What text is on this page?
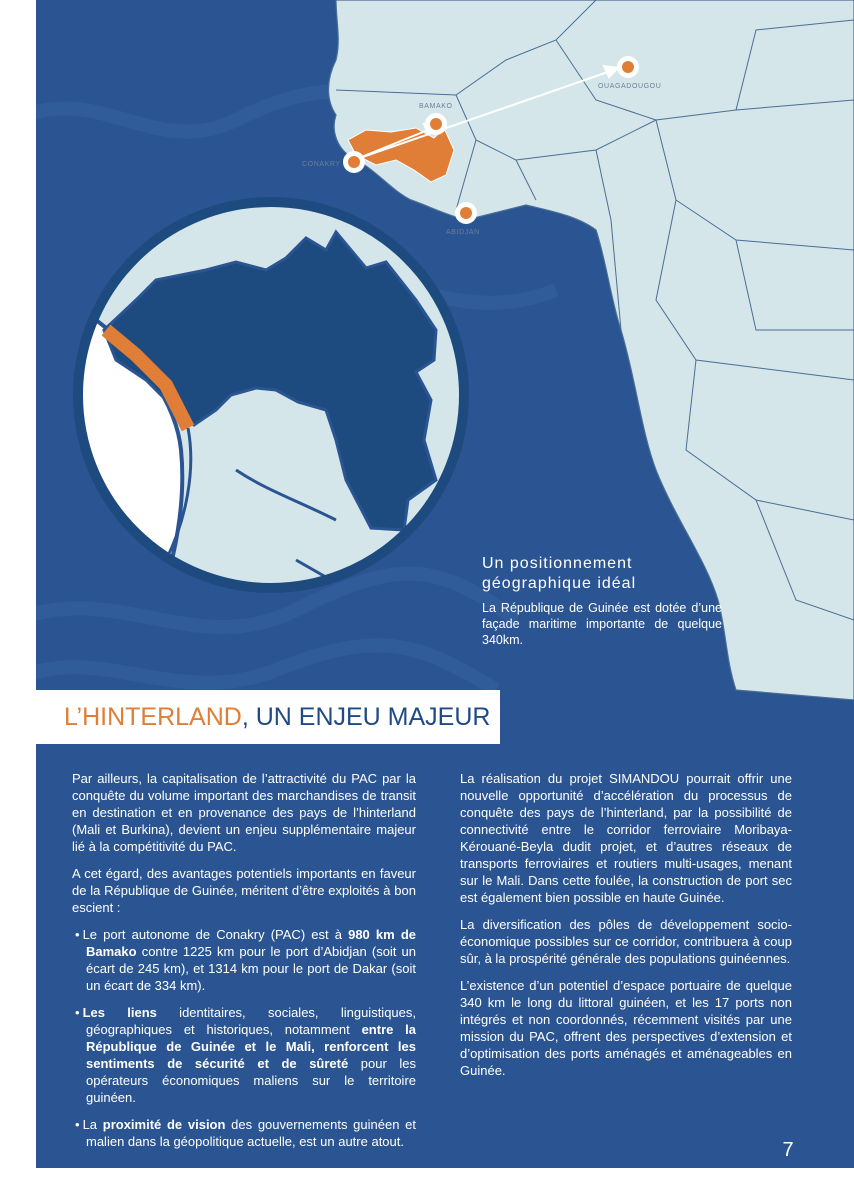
OUAGADOUGOU
BAMAKO
CONAKRY
ABIDJAN
Un positionnement
géographique idéal

La République de Guinée est dotée d’une façade maritime importante de quelque 340km.

Par ailleurs, la capitalisation de l’attractivité du PAC par la conquête du volume important des marchandises de transit en destination et en provenance des pays de l’hinterland (Mali et Burkina), devient un enjeu supplémentaire majeur lié à la compétitivité du PAC.

A cet égard, des avantages potentiels importants en faveur de la République de Guinée, méritent d’être exploités à bon escient :

• Le port autonome de Conakry (PAC) est à 980 km de Bamako contre 1225 km pour le port d’Abidjan (soit un écart de 245 km), et 1314 km pour le port de Dakar (soit un écart de 334 km).

• Les liens identitaires, sociales, linguistiques, géographiques et historiques, notamment entre la République de Guinée et le Mali, renforcent les sentiments de sécurité et de sûreté pour les opérateurs économiques maliens sur le territoire guinéen.

• La proximité de vision des gouvernements guinéen et malien dans la géopolitique actuelle, est un autre atout.

La réalisation du projet SIMANDOU pourrait offrir une nouvelle opportunité d’accélération du processus de conquête des pays de l’hinterland, par la possibilité de connectivité entre le corridor ferroviaire Moribaya-Kérouané-Beyla dudit projet, et d’autres réseaux de transports ferroviaires et routiers multi-usages, menant sur le Mali. Dans cette foulée, la construction de port sec est également bien possible en haute Guinée.

La diversification des pôles de développement socio-économique possibles sur ce corridor, contribuera à coup sûr, à la prospérité générale des populations guinéennes.

L’existence d’un potentiel d’espace portuaire de quelque 340 km le long du littoral guinéen, et les 17 ports non intégrés et non coordonnés, récemment visités par une mission du PAC, offrent des perspectives d’extension et d’optimisation des ports aménagés et aménageables en Guinée.

L’HINTERLAND, UN ENJEU MAJEUR
7
